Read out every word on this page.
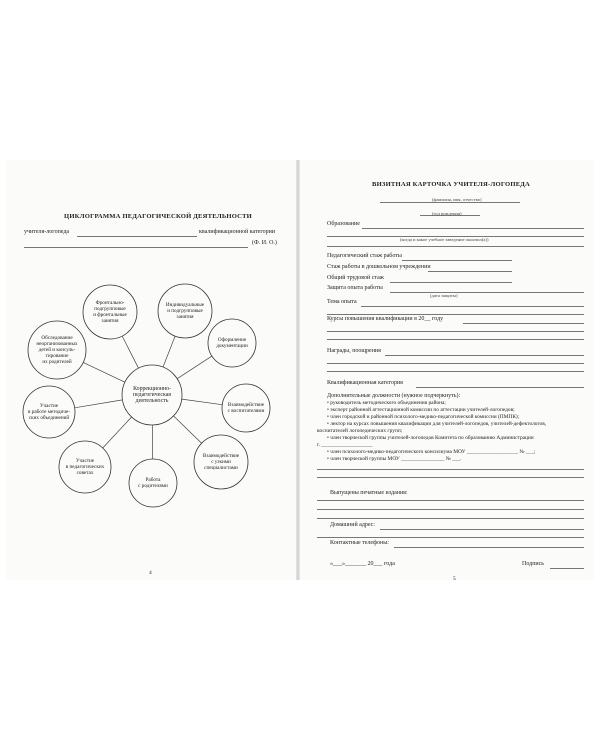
ЦИКЛОГРАММА ПЕДАГОГИЧЕСКОЙ ДЕЯТЕЛЬНОСТИ
учителя-логопеда	квалификационной категории
(Ф. И. О.)
Коррекционно-
педагогическая
деятельность
Индивидуальные
и подгрупповые
занятия
Оформление
документации
Взаимодействие
с воспитателями
Взаимодействие
с узкими
специалистами
Работа
с родителями
Участие
в педагогических
советах
Участие
в работе методиче-
ских объединений
Обследование
неорганизованных
детей и консуль-
тирование
их родителей
Фронтально-
подгрупповые
и фронтальные
занятия
4
ВИЗИТНАЯ КАРТОЧКА УЧИТЕЛЯ-ЛОГОПЕДА
(фамилия, имя, отчество)
(год рождения)
Образование
(когда и какое учебное заведение окончил(а))
Педагогический стаж работы
Стаж работы в дошкольном учреждении
Общий трудовой стаж
Защита опыта работы
(дата защиты)
Тема опыта
Курсы повышения квалификации в 20__ году
Награды, поощрения
Квалификационная категория
Дополнительные должности (нужное подчеркнуть):
• руководитель методического объединения района;
• эксперт районной аттестационной комиссии по аттестации учителей-логопедов;
• член городской и районной психолого-медико-педагогической комиссии (ПМПК);
• лектор на курсах повышения квалификации для учителей-логопедов, учителей-дефектологов,
воспитателей логопедических групп;
• член творческой группы учителей-логопедов Комитета по образованию Администрации
г. ___________________
• член психолого-медико-педагогического консилиума МОУ ___________________ № ___;
• член творческой группы МОУ ________________ № ___.
Выпущены печатные издания:
Домашний адрес:
Контактные телефоны:
«___»_______ 20___ года	Подпись
5
